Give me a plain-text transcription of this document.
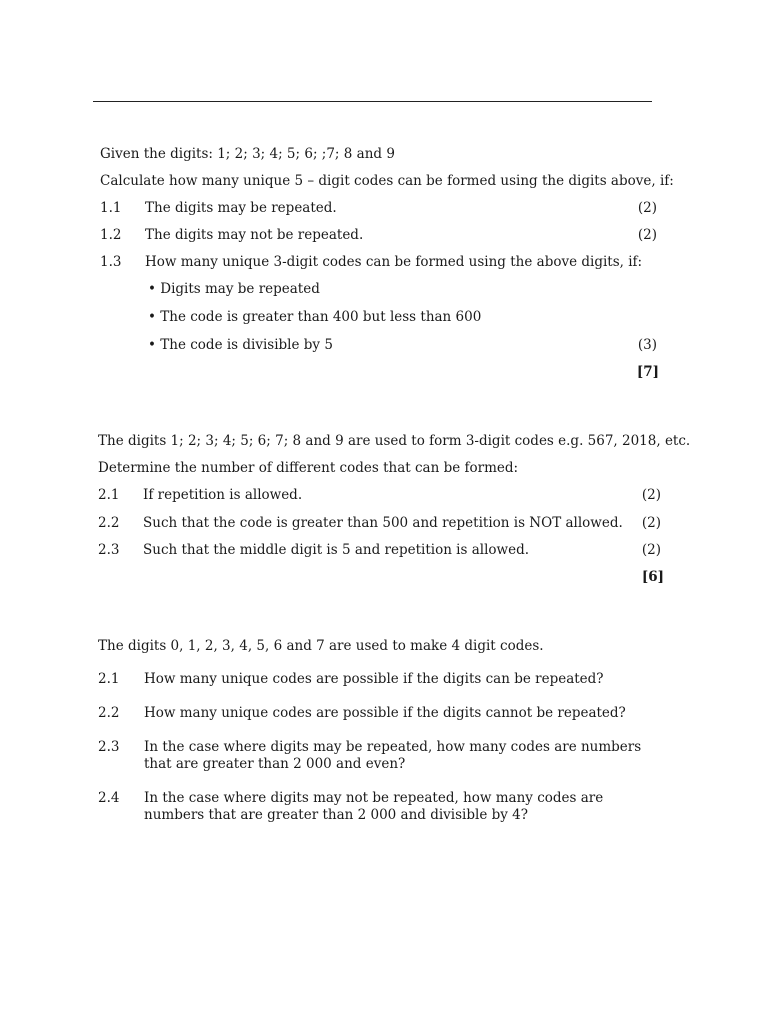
Given the digits: 1; 2; 3; 4; 5; 6; ;7; 8 and 9
Calculate how many unique 5 – digit codes can be formed using the digits above, if:
1.1 The digits may be repeated.	(2)
1.2 The digits may not be repeated.	(2)
1.3 How many unique 3-digit codes can be formed using the above digits, if:
• Digits may be repeated
• The code is greater than 400 but less than 600
• The code is divisible by 5	(3)
[7]
The digits 1; 2; 3; 4; 5; 6; 7; 8 and 9 are used to form 3-digit codes e.g. 567, 2018, etc.
Determine the number of different codes that can be formed:
2.1 If repetition is allowed.	(2)
2.2 Such that the code is greater than 500 and repetition is NOT allowed.	(2)
2.3 Such that the middle digit is 5 and repetition is allowed.	(2)
[6]
The digits 0, 1, 2, 3, 4, 5, 6 and 7 are used to make 4 digit codes.
2.1 How many unique codes are possible if the digits can be repeated?
2.2 How many unique codes are possible if the digits cannot be repeated?
2.3 In the case where digits may be repeated, how many codes are numbers that are greater than 2 000 and even?
2.4 In the case where digits may not be repeated, how many codes are numbers that are greater than 2 000 and divisible by 4?
